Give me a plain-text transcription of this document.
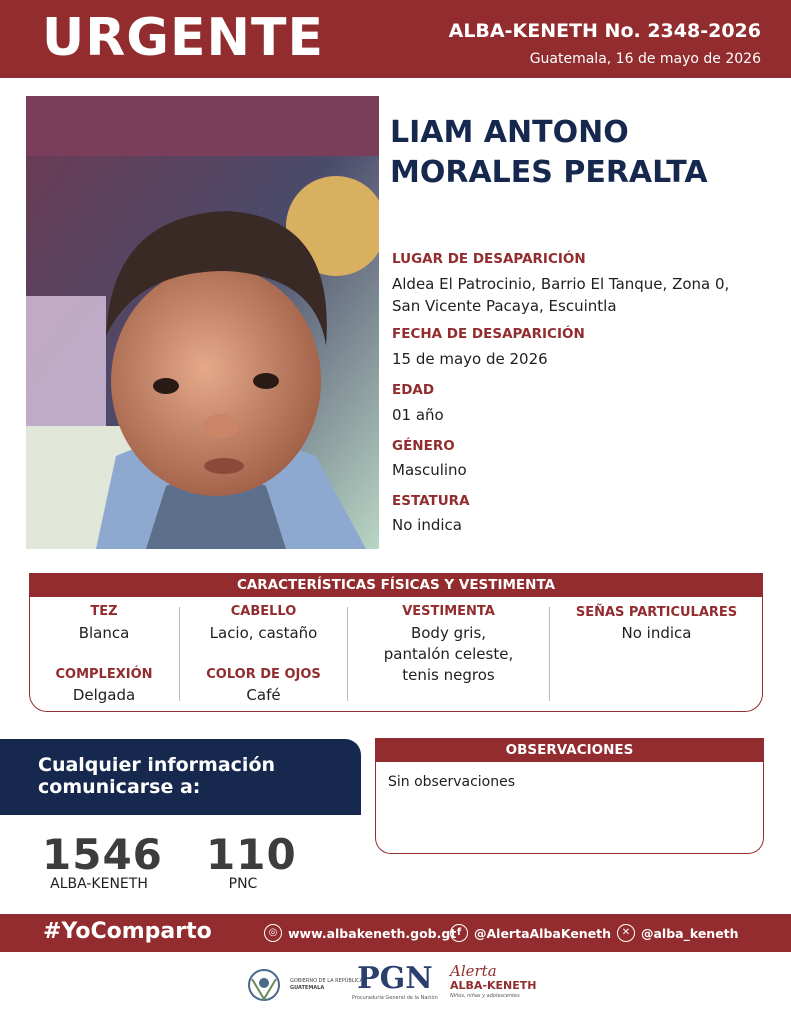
URGENTE	ALBA-KENETH No. 2348-2026
Guatemala, 16 de mayo de 2026
LIAM ANTONO
MORALES PERALTA
LUGAR DE DESAPARICIÓN
Aldea El Patrocinio, Barrio El Tanque, Zona 0,
San Vicente Pacaya, Escuintla
FECHA DE DESAPARICIÓN
15 de mayo de 2026
EDAD
01 año
GÉNERO
Masculino
ESTATURA
No indica
CARACTERÍSTICAS FÍSICAS Y VESTIMENTA
TEZ
Blanca
COMPLEXIÓN
Delgada
CABELLO
Lacio, castaño
COLOR DE OJOS
Café
VESTIMENTA
Body gris,
pantalón celeste,
tenis negros
SEÑAS PARTICULARES
No indica
Cualquier información
comunicarse a:
1546
ALBA-KENETH
110
PNC
OBSERVACIONES
Sin observaciones
#YoComparto	◎ www.albakeneth.gob.gt f	@AlertaAlbaKeneth	✕ @alba_keneth
GOBIERNO DE LA REPÚBLICA
GUATEMALA	PGN
Procuraduría General de la Nación
Alerta
ALBA-KENETH
Niños, niñas y adolescentes
